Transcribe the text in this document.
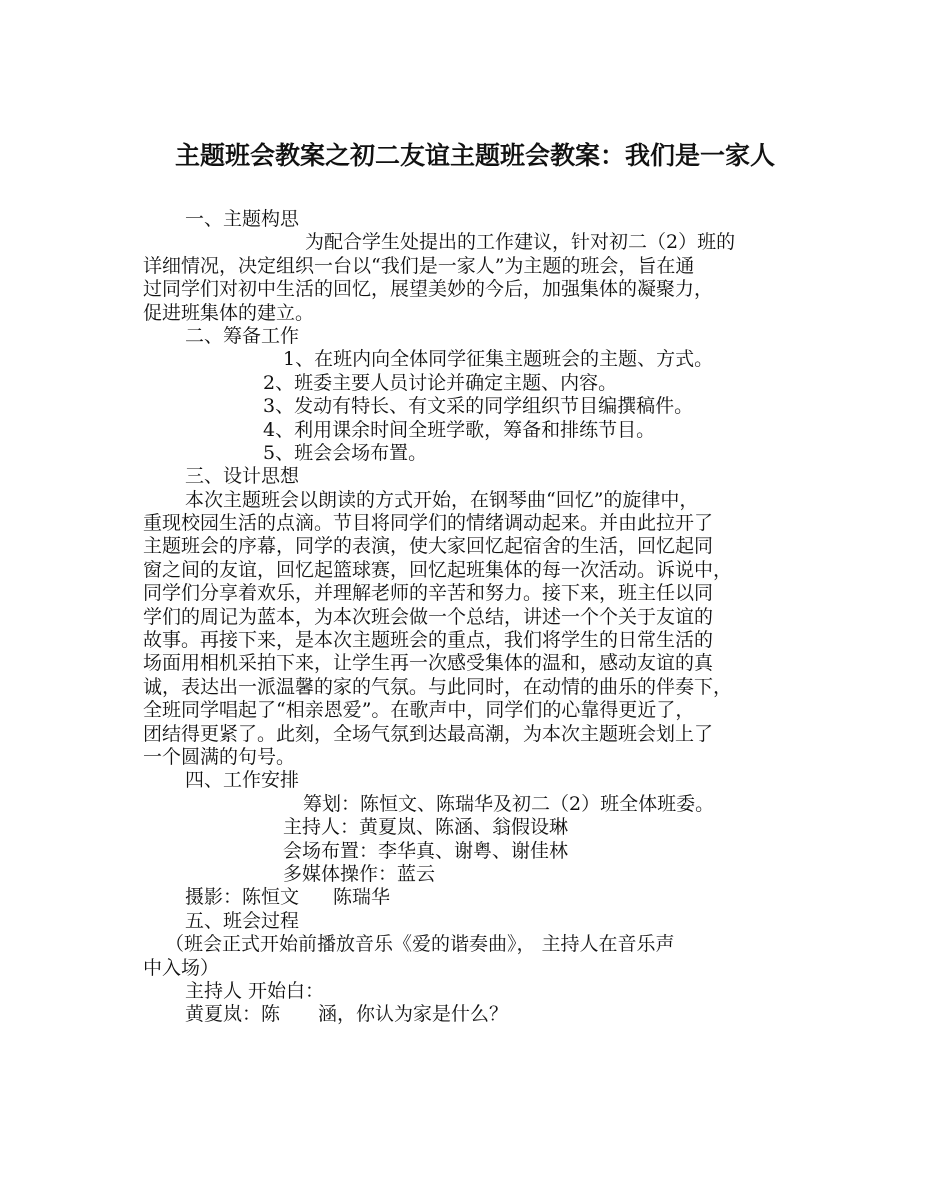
主题班会教案之初二友谊主题班会教案：我们是一家人
一、主题构思
为配合学生处提出的工作建议，针对初二（2）班的
详细情况，决定组织一台以“我们是一家人”为主题的班会，旨在通
过同学们对初中生活的回忆，展望美妙的今后，加强集体的凝聚力，
促进班集体的建立。
二、筹备工作
1、在班内向全体同学征集主题班会的主题、方式。
2、班委主要人员讨论并确定主题、内容。
3、发动有特长、有文采的同学组织节目编撰稿件。
4、利用课余时间全班学歌，筹备和排练节目。
5、班会会场布置。
三、设计思想
本次主题班会以朗读的方式开始，在钢琴曲“回忆”的旋律中，
重现校园生活的点滴。节目将同学们的情绪调动起来。并由此拉开了
主题班会的序幕，同学的表演，使大家回忆起宿舍的生活，回忆起同
窗之间的友谊，回忆起篮球赛，回忆起班集体的每一次活动。诉说中，
同学们分享着欢乐，并理解老师的辛苦和努力。接下来，班主任以同
学们的周记为蓝本，为本次班会做一个总结，讲述一个个关于友谊的
故事。再接下来，是本次主题班会的重点，我们将学生的日常生活的
场面用相机采拍下来，让学生再一次感受集体的温和，感动友谊的真
诚，表达出一派温馨的家的气氛。与此同时，在动情的曲乐的伴奏下，
全班同学唱起了“相亲恩爱”。在歌声中，同学们的心靠得更近了，
团结得更紧了。此刻，全场气氛到达最高潮，为本次主题班会划上了
一个圆满的句号。
四、工作安排
筹划：陈恒文、陈瑞华及初二（2）班全体班委。
主持人：黄夏岚、陈涵、翁假设琳
会场布置：李华真、谢粤、谢佳林
多媒体操作：蓝云
摄影：陈恒文 陈瑞华
五、班会过程
（班会正式开始前播放音乐《爱的谐奏曲》， 主持人在音乐声
中入场）
主持人 开始白：
黄夏岚：陈 涵，你认为家是什么？
